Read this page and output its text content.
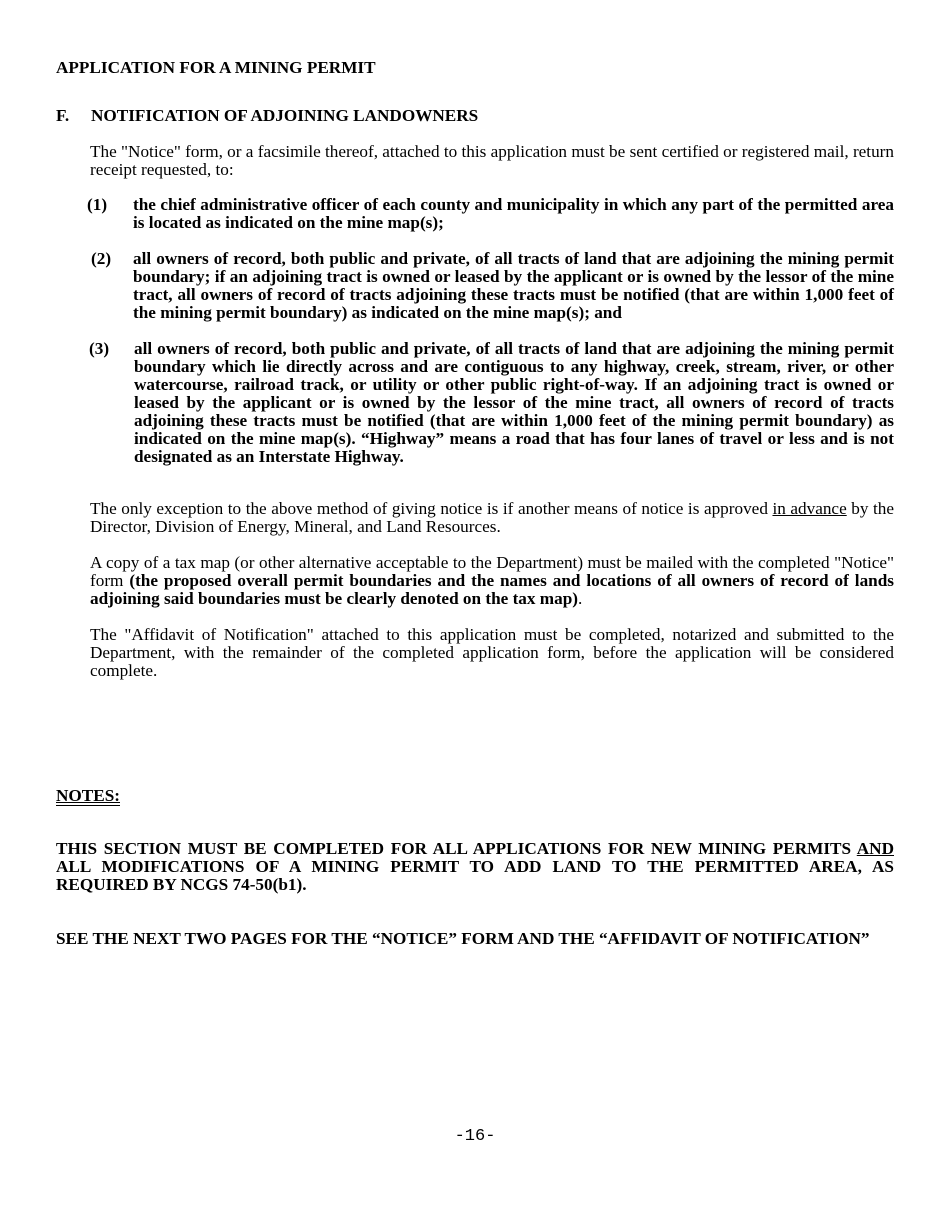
APPLICATION FOR A MINING PERMIT
F. NOTIFICATION OF ADJOINING LANDOWNERS
The "Notice" form, or a facsimile thereof, attached to this application must be sent certified or registered mail, return receipt requested, to:
(1) the chief administrative officer of each county and municipality in which any part of the permitted area is located as indicated on the mine map(s);
(2) all owners of record, both public and private, of all tracts of land that are adjoining the mining permit boundary; if an adjoining tract is owned or leased by the applicant or is owned by the lessor of the mine tract, all owners of record of tracts adjoining these tracts must be notified (that are within 1,000 feet of the mining permit boundary) as indicated on the mine map(s); and
(3) all owners of record, both public and private, of all tracts of land that are adjoining the mining permit boundary which lie directly across and are contiguous to any highway, creek, stream, river, or other watercourse, railroad track, or utility or other public right-of-way. If an adjoining tract is owned or leased by the applicant or is owned by the lessor of the mine tract, all owners of record of tracts adjoining these tracts must be notified (that are within 1,000 feet of the mining permit boundary) as indicated on the mine map(s). “Highway” means a road that has four lanes of travel or less and is not designated as an Interstate Highway.
The only exception to the above method of giving notice is if another means of notice is approved in advance by the Director, Division of Energy, Mineral, and Land Resources.
A copy of a tax map (or other alternative acceptable to the Department) must be mailed with the completed "Notice" form (the proposed overall permit boundaries and the names and locations of all owners of record of lands adjoining said boundaries must be clearly denoted on the tax map).
The "Affidavit of Notification" attached to this application must be completed, notarized and submitted to the Department, with the remainder of the completed application form, before the application will be considered complete.
NOTES:
THIS SECTION MUST BE COMPLETED FOR ALL APPLICATIONS FOR NEW MINING PERMITS AND ALL MODIFICATIONS OF A MINING PERMIT TO ADD LAND TO THE PERMITTED AREA, AS REQUIRED BY NCGS 74-50(b1).
SEE THE NEXT TWO PAGES FOR THE “NOTICE” FORM AND THE “AFFIDAVIT OF NOTIFICATION”
-16-
